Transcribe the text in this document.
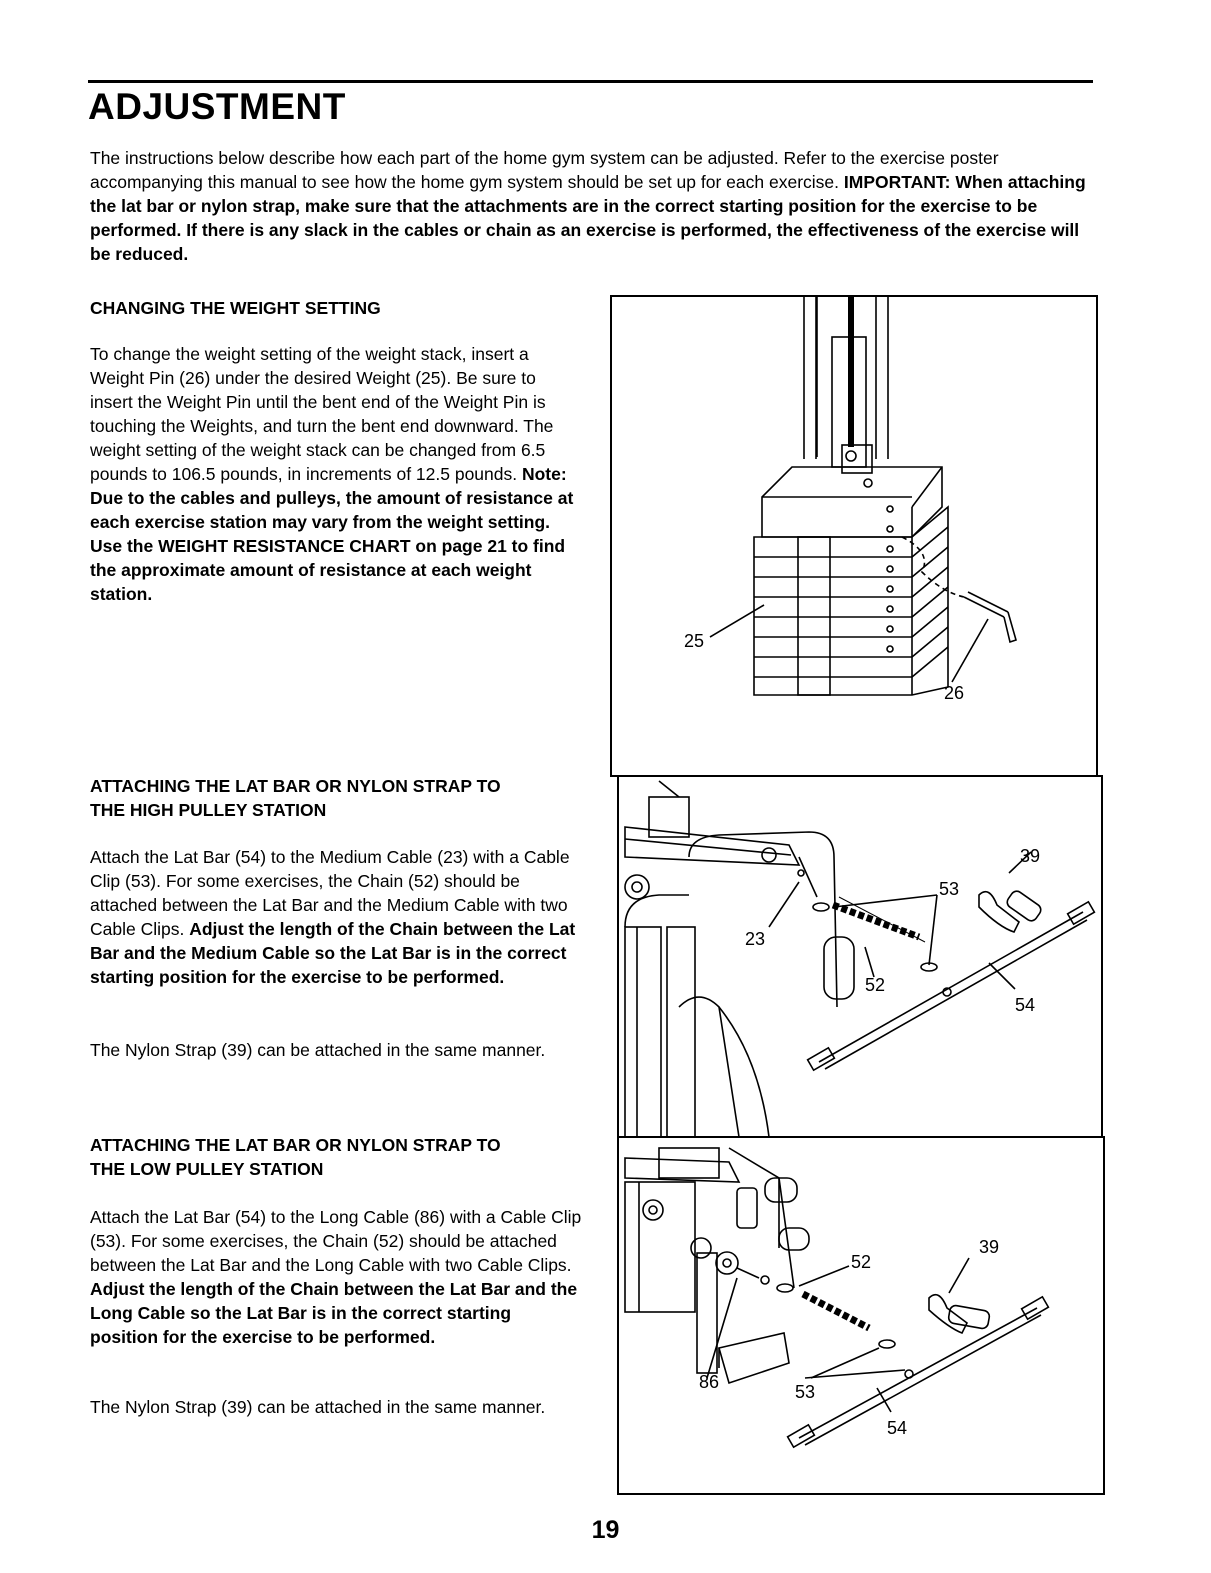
ADJUSTMENT

The instructions below describe how each part of the home gym system can be adjusted. Refer to the exercise poster accompanying this manual to see how the home gym system should be set up for each exercise. IMPORTANT: When attaching the lat bar or nylon strap, make sure that the attachments are in the correct starting position for the exercise to be performed. If there is any slack in the cables or chain as an exercise is performed, the effectiveness of the exercise will be reduced.

CHANGING THE WEIGHT SETTING

To change the weight setting of the weight stack, insert a Weight Pin (26) under the desired Weight (25). Be sure to insert the Weight Pin until the bent end of the Weight Pin is touching the Weights, and turn the bent end downward. The weight setting of the weight stack can be changed from 6.5 pounds to 106.5 pounds, in increments of 12.5 pounds. Note: Due to the cables and pulleys, the amount of resistance at each exercise station may vary from the weight setting. Use the WEIGHT RESISTANCE CHART on page 21 to find the approximate amount of resistance at each weight station.

ATTACHING THE LAT BAR OR NYLON STRAP TO
THE HIGH PULLEY STATION

Attach the Lat Bar (54) to the Medium Cable (23) with a Cable Clip (53). For some exercises, the Chain (52) should be attached between the Lat Bar and the Medium Cable with two Cable Clips. Adjust the length of the Chain between the Lat Bar and the Medium Cable so the Lat Bar is in the correct starting position for the exercise to be performed.

The Nylon Strap (39) can be attached in the same manner.

ATTACHING THE LAT BAR OR NYLON STRAP TO
THE LOW PULLEY STATION

Attach the Lat Bar (54) to the Long Cable (86) with a Cable Clip (53). For some exercises, the Chain (52) should be attached between the Lat Bar and the Long Cable with two Cable Clips. Adjust the length of the Chain between the Lat Bar and the Long Cable so the Lat Bar is in the correct starting position for the exercise to be performed.

The Nylon Strap (39) can be attached in the same manner.

25
26
39
53
23
52
54
52
39
86	53
54
19
